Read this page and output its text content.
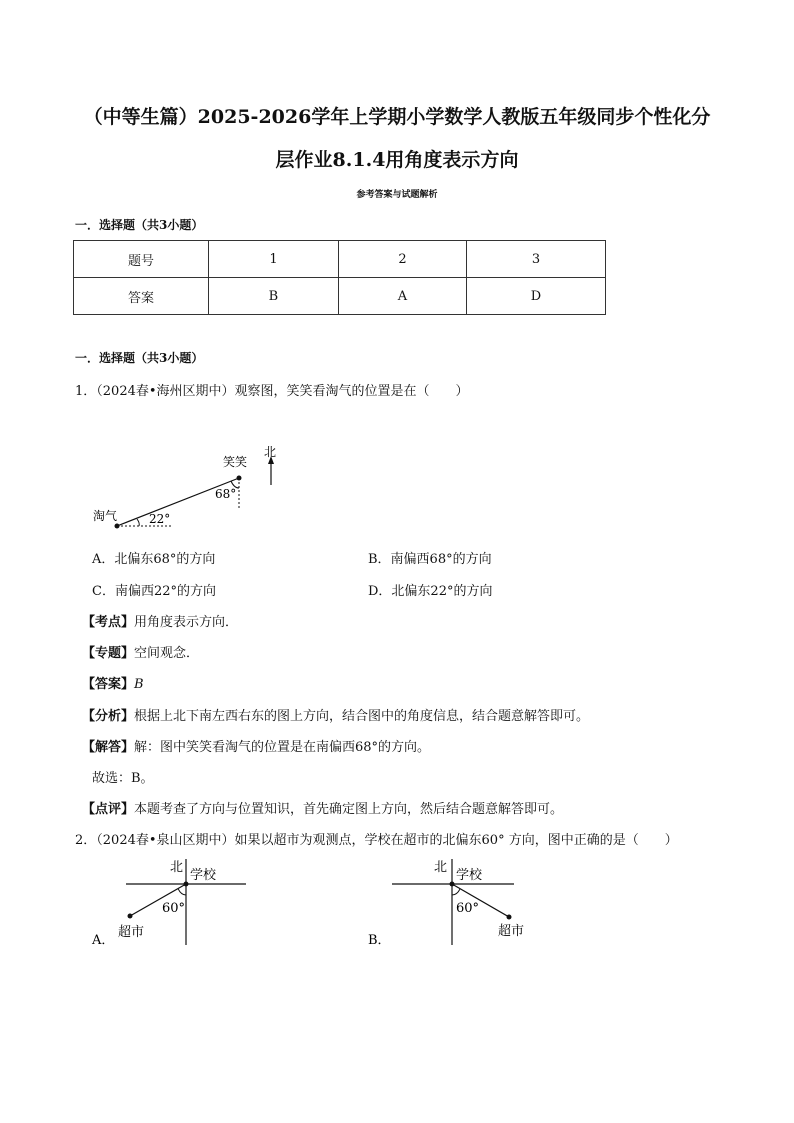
（中等生篇）2025-2026学年上学期小学数学人教版五年级同步个性化分
层作业8.1.4用角度表示方向
参考答案与试题解析
一．选择题（共3小题）
题号	1	2	3
答案	B	A	D
一．选择题（共3小题）
1．（2024春•海州区期中）观察图，笑笑看淘气的位置是在（　　）
北
笑笑
淘气
68°
22°
A．北偏东68°的方向	B．南偏西68°的方向
C．南偏西22°的方向	D．北偏东22°的方向
【考点】用角度表示方向．
【专题】空间观念．
【答案】B
【分析】根据上北下南左西右东的图上方向，结合图中的角度信息，结合题意解答即可。
【解答】解：图中笑笑看淘气的位置是在南偏西68°的方向。
故选：B。
【点评】本题考查了方向与位置知识，首先确定图上方向，然后结合题意解答即可。
2．（2024春•泉山区期中）如果以超市为观测点，学校在超市的北偏东60° 方向，图中正确的是（　　）
北
学校
60°
超市
A．
北
学校
60°
超市
B．
